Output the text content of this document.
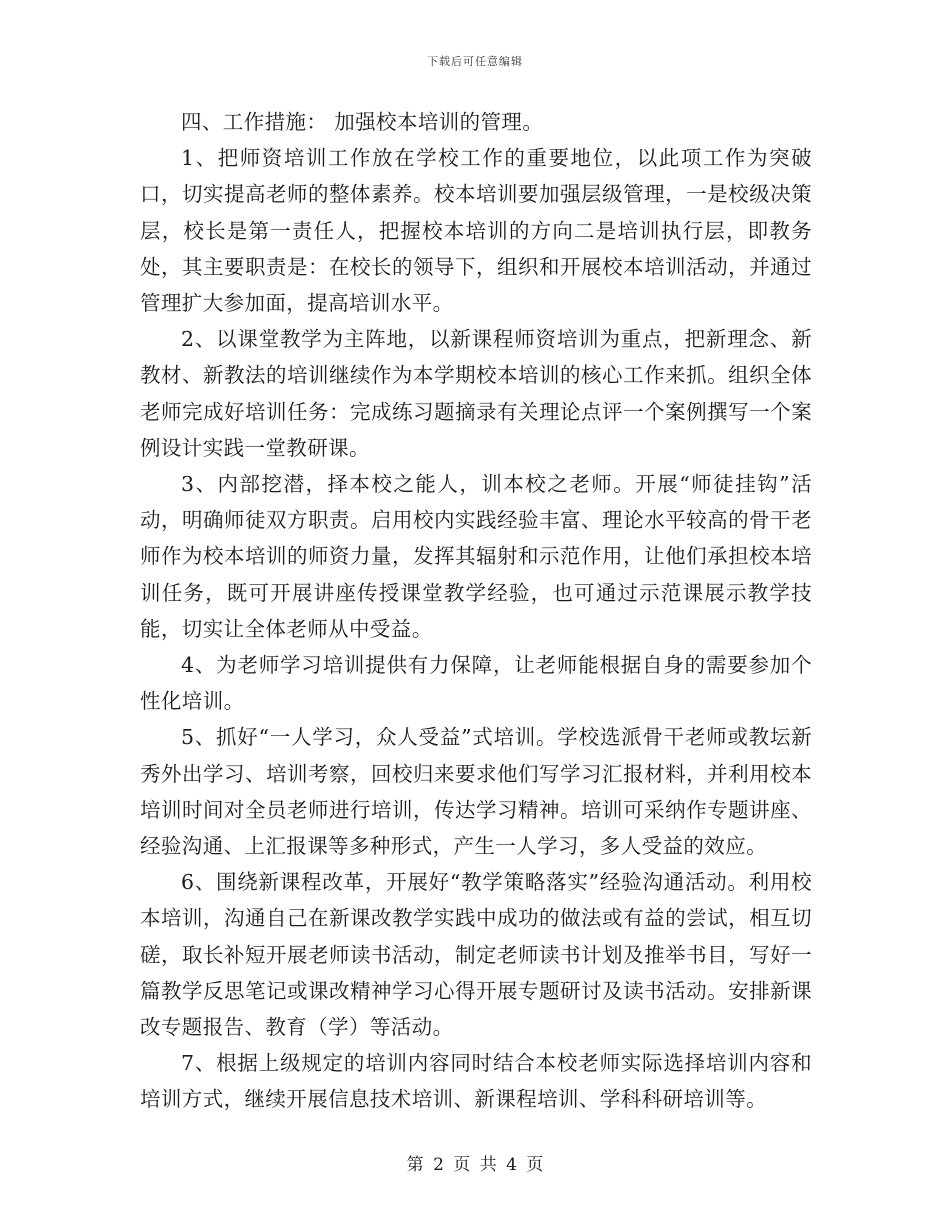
下载后可任意编辑

四、工作措施： 加强校本培训的管理。

1、把师资培训工作放在学校工作的重要地位，以此项工作为突破口，切实提高老师的整体素养。校本培训要加强层级管理，一是校级决策层，校长是第一责任人，把握校本培训的方向二是培训执行层，即教务处，其主要职责是：在校长的领导下，组织和开展校本培训活动，并通过管理扩大参加面，提高培训水平。

2、以课堂教学为主阵地，以新课程师资培训为重点，把新理念、新教材、新教法的培训继续作为本学期校本培训的核心工作来抓。组织全体老师完成好培训任务：完成练习题摘录有关理论点评一个案例撰写一个案例设计实践一堂教研课。

3、内部挖潜，择本校之能人，训本校之老师。开展“师徒挂钩”活动，明确师徒双方职责。启用校内实践经验丰富、理论水平较高的骨干老师作为校本培训的师资力量，发挥其辐射和示范作用，让他们承担校本培训任务，既可开展讲座传授课堂教学经验，也可通过示范课展示教学技能，切实让全体老师从中受益。

4、为老师学习培训提供有力保障，让老师能根据自身的需要参加个性化培训。

5、抓好“一人学习，众人受益”式培训。学校选派骨干老师或教坛新秀外出学习、培训考察，回校归来要求他们写学习汇报材料，并利用校本培训时间对全员老师进行培训，传达学习精神。培训可采纳作专题讲座、经验沟通、上汇报课等多种形式，产生一人学习，多人受益的效应。

6、围绕新课程改革，开展好“教学策略落实”经验沟通活动。利用校本培训，沟通自己在新课改教学实践中成功的做法或有益的尝试，相互切磋，取长补短开展老师读书活动，制定老师读书计划及推举书目，写好一篇教学反思笔记或课改精神学习心得开展专题研讨及读书活动。安排新课改专题报告、教育（学）等活动。

7、根据上级规定的培训内容同时结合本校老师实际选择培训内容和培训方式，继续开展信息技术培训、新课程培训、学科科研培训等。

第 2 页 共 4 页
